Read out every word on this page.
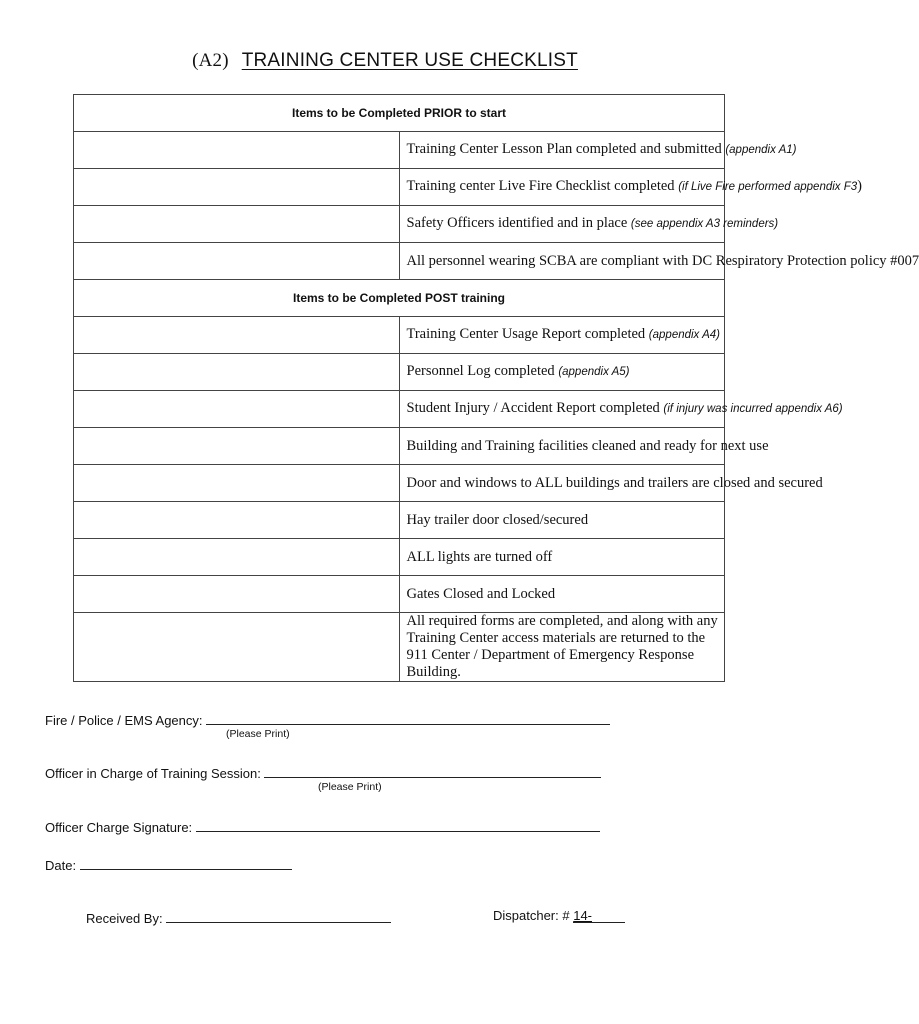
(A2) TRAINING CENTER USE CHECKLIST
Items to be Completed PRIOR to start	
	Training Center Lesson Plan completed and submitted (appendix A1)
	Training center Live Fire Checklist completed (if Live Fire performed appendix F3)
	Safety Officers identified and in place (see appendix A3 reminders)
	All personnel wearing SCBA are compliant with DC Respiratory Protection policy #007
Items to be Completed POST training	
	Training Center Usage Report completed (appendix A4)
	Personnel Log completed (appendix A5)
	Student Injury / Accident Report completed (if injury was incurred appendix A6)
	Building and Training facilities cleaned and ready for next use
	Door and windows to ALL buildings and trailers are closed and secured
	Hay trailer door closed/secured
	ALL lights are turned off
	Gates Closed and Locked
	All required forms are completed, and along with any Training Center access materials are returned to the 911 Center / Department of Emergency Response Building.
Fire / Police / EMS Agency:
(Please Print)
Officer in Charge of Training Session:
(Please Print)
Officer Charge Signature:
Date:
Received By:	Dispatcher: # 14-
